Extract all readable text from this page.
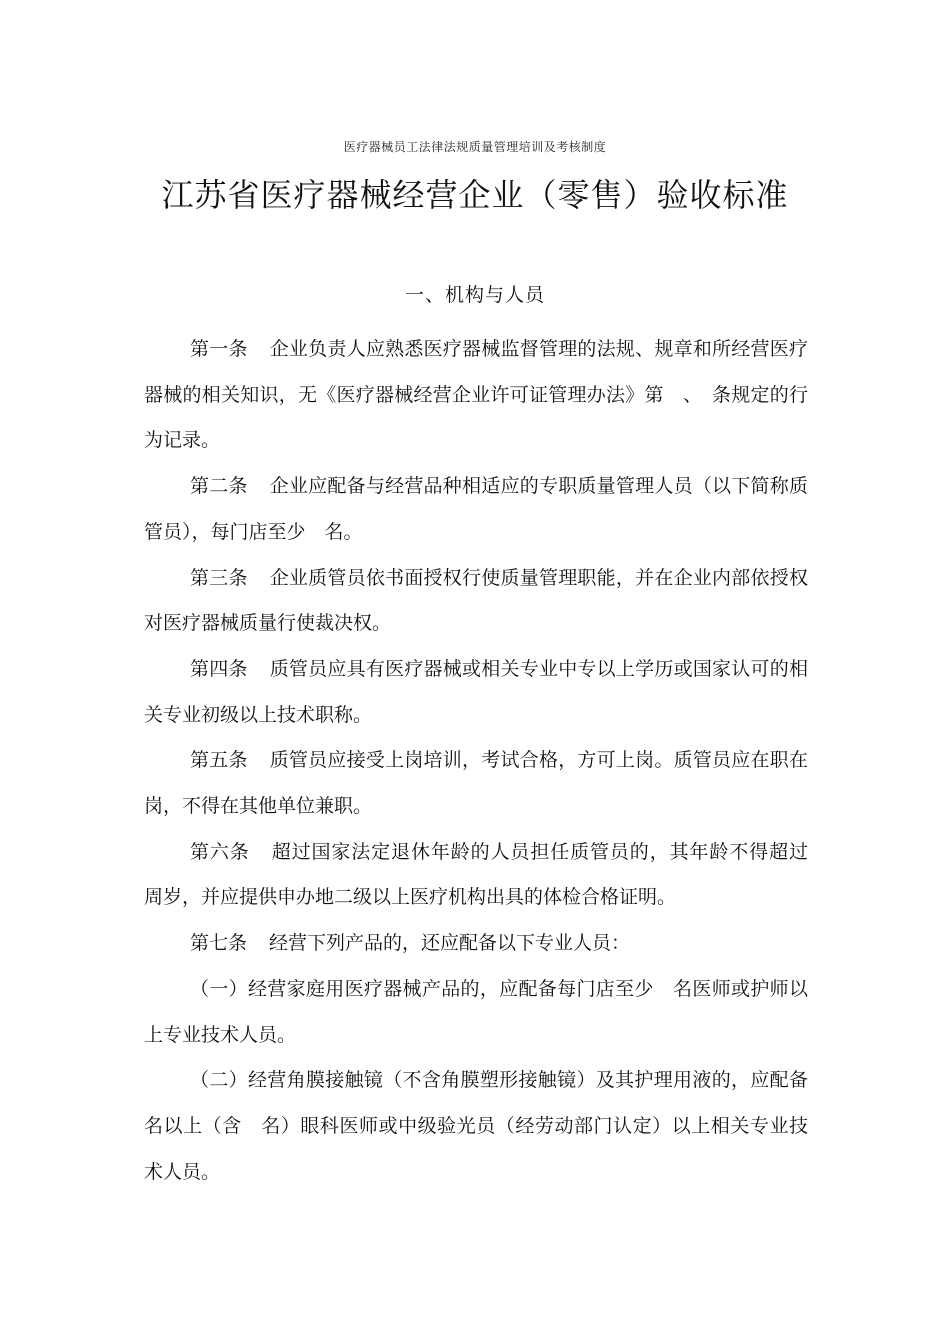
医疗器械员工法律法规质量管理培训及考核制度
江苏省医疗器械经营企业（零售）验收标准
一、机构与人员

第一条 企业负责人应熟悉医疗器械监督管理的法规、规章和所经营医疗器械的相关知识，无《医疗器械经营企业许可证管理办法》第　、　条规定的行为记录。

第二条 企业应配备与经营品种相适应的专职质量管理人员（以下简称质管员），每门店至少　名。

第三条 企业质管员依书面授权行使质量管理职能，并在企业内部依授权对医疗器械质量行使裁决权。

第四条 质管员应具有医疗器械或相关专业中专以上学历或国家认可的相关专业初级以上技术职称。

第五条 质管员应接受上岗培训，考试合格，方可上岗。质管员应在职在岗，不得在其他单位兼职。

第六条 超过国家法定退休年龄的人员担任质管员的，其年龄不得超过　周岁，并应提供申办地二级以上医疗机构出具的体检合格证明。

第七条 经营下列产品的，还应配备以下专业人员：

（一）经营家庭用医疗器械产品的，应配备每门店至少　名医师或护师以上专业技术人员。

（二）经营角膜接触镜（不含角膜塑形接触镜）及其护理用液的，应配备　名以上（含　名）眼科医师或中级验光员（经劳动部门认定）以上相关专业技术人员。
